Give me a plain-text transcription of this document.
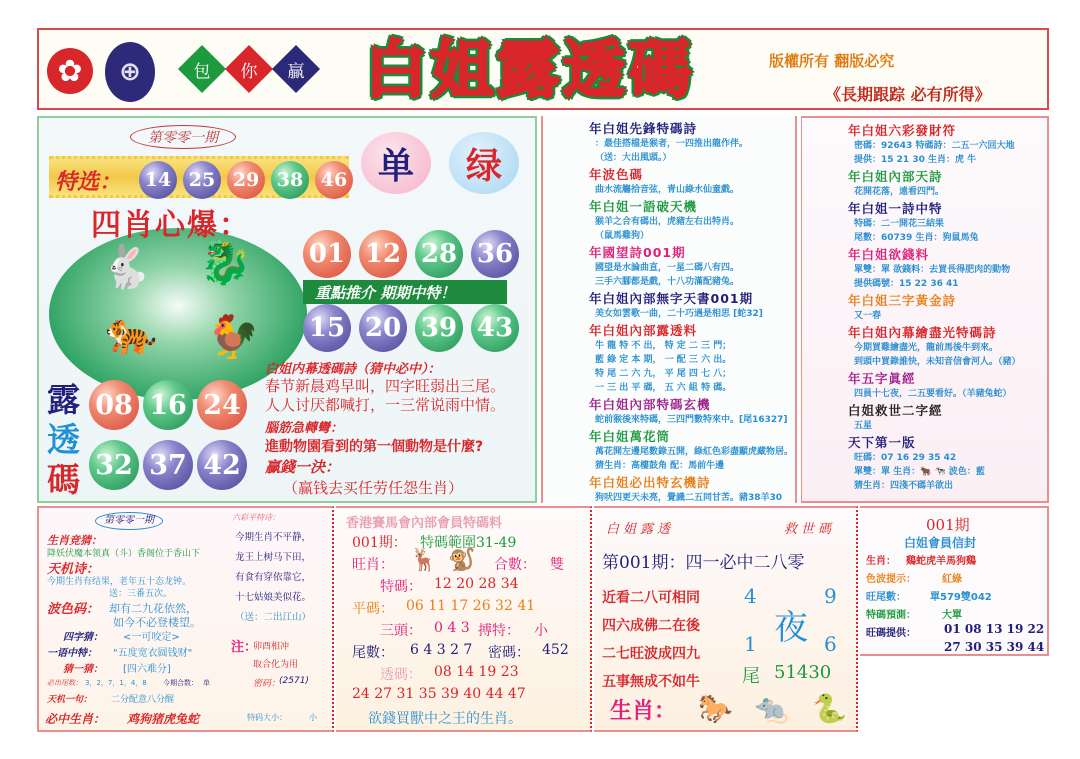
✿	⊕	包 你 贏 白姐露透碼	版權所有 翻版必究
《長期跟踪 必有所得》
第零零一期
特选：	14 25 29 38 46 单	绿
🐇 🐉
🐅 🐓
四肖心爆：
01 12 28 36
重點推介 期期中特！
15 20 39 43
露
透
碼
08 16 24
32 37 42
白姐内幕透碼詩（猜中必中）：
春节新晨鸡早叫，四字旺弱出三尾。
人人讨厌都喊打，一三常说雨中情。
腦筋急轉彎：
進動物園看到的第一個動物是什麼?
贏錢一決：
（赢钱去买任劳任怨生肖）
年白姐先鋒特碼詩
：最佳搭檔是猴者，一四推出龍作伴。
（送：大出風頭。）
年波色碼
曲水流觴拾音弦，青山綠水仙童戲。
年白姐一語破天機
猴羊之合有碼出，虎豬左右出特肖。
（鼠馬雞狗）
年國望詩001期
國望是水論曲直，一星二碼八有四。
三手六腳都是戲，十八功滿配豬兔。
年白姐內部無字天書001期
美女如雲歌一曲，二十巧遇是相思 [蛇32]
年白姐內部露透料
牛 龍 特 不 出， 特 定 二 三 門；
藍 綠 定 本 期， 一 配 三 六 出。
特 尾 二 六 九， 平 尾 四 七 八；
一 三 出 平 碼， 五 六 組 特 碼。
年白姐內部特碼玄機
蛇前猴後來特碼，三四門數特來中。[尾16327]
年白姐萬花筒
萬花開左邊尾數錄五開，綠紅色彩盡顯虎藏物居。
猜生肖：高樓鼓角 配：馬前牛邊
年白姐必出特玄機詩
狗吠四更天未亮，覺識二五同甘苦。豬38羊30
年白姐六彩發財符
密碼：92643 特碼詩：二五一六回大地
提供：15 21 30 生肖：虎 牛
年白姐內部天詩
花開花落，遠看四門。
年白姐一詩中特
特碼：二一開花三結果
尾數：60739 生肖：狗鼠馬兔
年白姐欲錢料
單雙：單 欲錢料：去買長得肥肉的動物
提供碼號：15 22 36 41
年白姐三字黃金詩
又一春
年白姐內幕繪盡光特碼詩
今期買雞繪盡光，龍前馬後牛到來。
到頭中買錄誰快，未知音信會河人。（豬）
年五字眞經
四員十七夜，二五要看好。（羊豬兔蛇）
白姐救世二字經
五星
天下第一版
旺碼：07 16 29 35 42
單雙：單 生肖：🐂 🐄 波色：藍
猜生肖：四淺不碼羊欲出
第零零一期
生肖竞猜：
降妖伏魔本领真（斗）香阁位于香山下
天机诗：
今期生肖有结果，老年五十态龙钟。
送：三番五次。
波色码： 却有二九花依然，
如今不必登楼望。
四字猜： <一可咬定>
一语中特： "五度宽衣圆钱财"
猜一猜： [四六难分]
必出尾数： 3，2，7，1，4，8 今期合数： 单
天机一句： 二分配意八分醒
必中生肖： 鸡狗猪虎兔蛇	特码大小：	小
六彩平特诗：
今期生肖不平静，
龙王上树马下田，
有食有穿依靠它，
十七姑娘美似花。
（送：二出江山）
注：
卯酉相冲
取合化为用
密码：
(2571)
香港賽馬會內部會員特碼料
001期： 特碼範圍31-49
旺肖： 🦌 🐒 合數： 雙
特碼： 12 20 28 34
平碼： 06 11 17 26 32 41
三頭： 0 4 3 搏特： 小
尾數： 6 4 3 2 7 密碼： 452
透碼： 08 14 19 23
24 27 31 35 39 40 44 47
欲錢買獸中之王的生肖。
白姐露透	救世碼
第001期：四一必中二八零
近看二八可相同
四六成佛二在後
二七旺波成四九
五事無成不如牛
4	9
夜
1	6
尾 51430
生肖： 🐎 🐀 🐍
001期
白姐會員信封
生肖： 鷄蛇虎羊馬狗鷄
色波提示：	紅綠
旺尾數： 單579雙042
特碼預測：	大單
旺碼提供： 01 08 13 19 22
27 30 35 39 44
